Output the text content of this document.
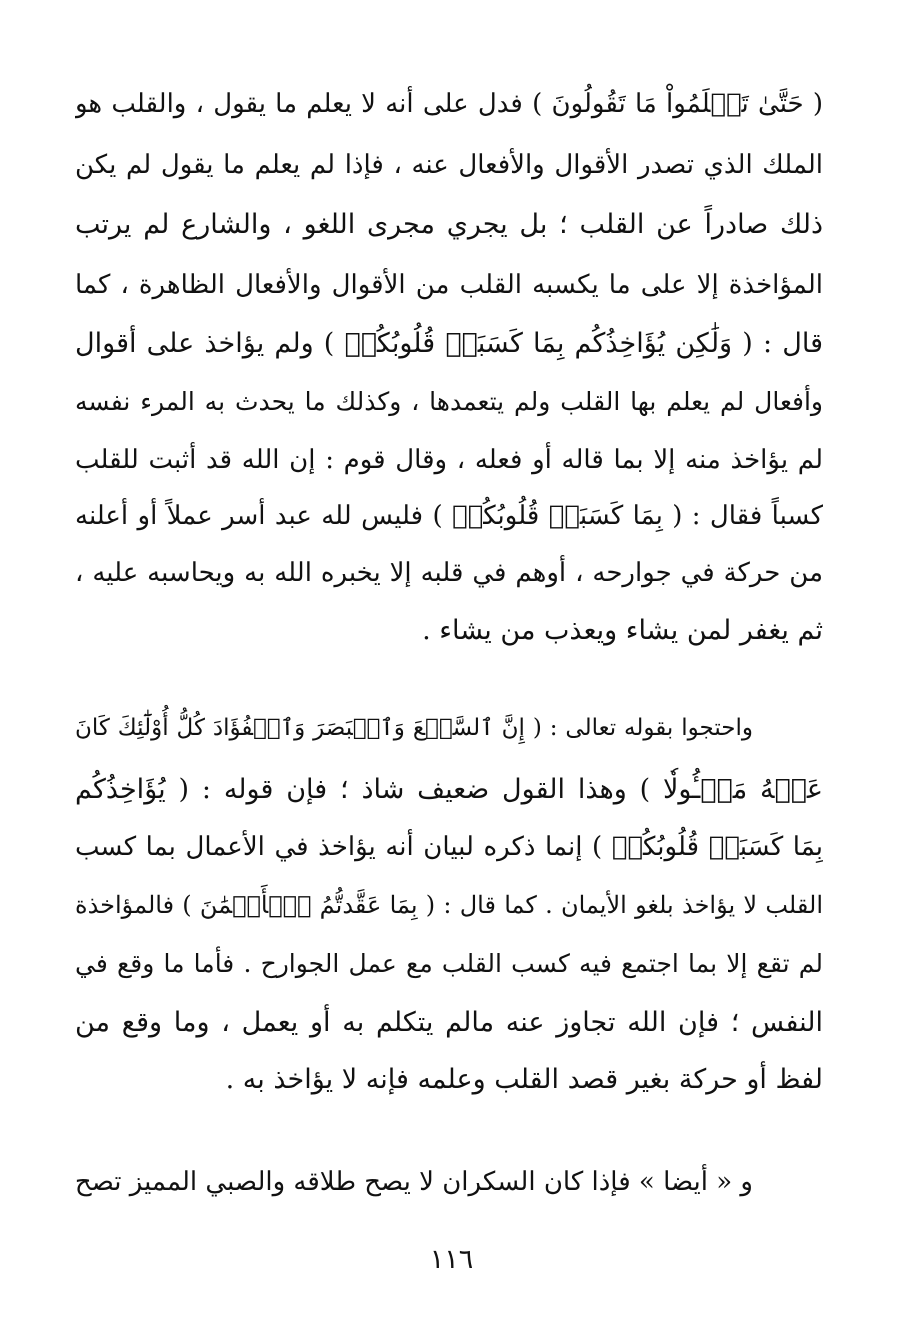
( حَتَّىٰ تَعۡلَمُواْ مَا تَقُولُونَ ) فدل على أنه لا يعلم ما يقول ، والقلب هو
الملك الذي تصدر الأقوال والأفعال عنه ، فإذا لم يعلم ما يقول لم يكن
ذلك صادراً عن القلب ؛ بل يجري مجرى اللغو ، والشارع لم يرتب
المؤاخذة إلا على ما يكسبه القلب من الأقوال والأفعال الظاهرة ، كما
قال : ( وَلَٰكِن يُؤَاخِذُكُم بِمَا كَسَبَتۡ قُلُوبُكُمۡ ) ولم يؤاخذ على أقوال
وأفعال لم يعلم بها القلب ولم يتعمدها ، وكذلك ما يحدث به المرء نفسه
لم يؤاخذ منه إلا بما قاله أو فعله ، وقال قوم : إن الله قد أثبت للقلب
كسباً فقال : ( بِمَا كَسَبَتۡ قُلُوبُكُمۡ ) فليس لله عبد أسر عملاً أو أعلنه
من حركة في جوارحه ، أوهم في قلبه إلا يخبره الله به ويحاسبه عليه ،
ثم يغفر لمن يشاء ويعذب من يشاء .
واحتجوا بقوله تعالى : ( إِنَّ ٱلسَّمۡعَ وَٱلۡبَصَرَ وَٱلۡفُؤَادَ كُلُّ أُوْلَٰٓئِكَ كَانَ
عَنۡهُ مَسۡـُٔولٗا ) وهذا القول ضعيف شاذ ؛ فإن قوله : ( يُؤَاخِذُكُم
بِمَا كَسَبَتۡ قُلُوبُكُمۡ ) إنما ذكره لبيان أنه يؤاخذ في الأعمال بما كسب
القلب لا يؤاخذ بلغو الأيمان . كما قال : ( بِمَا عَقَّدتُّمُ ٱلۡأَيۡمَٰنَ ) فالمؤاخذة
لم تقع إلا بما اجتمع فيه كسب القلب مع عمل الجوارح . فأما ما وقع في
النفس ؛ فإن الله تجاوز عنه مالم يتكلم به أو يعمل ، وما وقع من
لفظ أو حركة بغير قصد القلب وعلمه فإنه لا يؤاخذ به .
و « أيضا » فإذا كان السكران لا يصح طلاقه والصبي المميز تصح
١١٦
